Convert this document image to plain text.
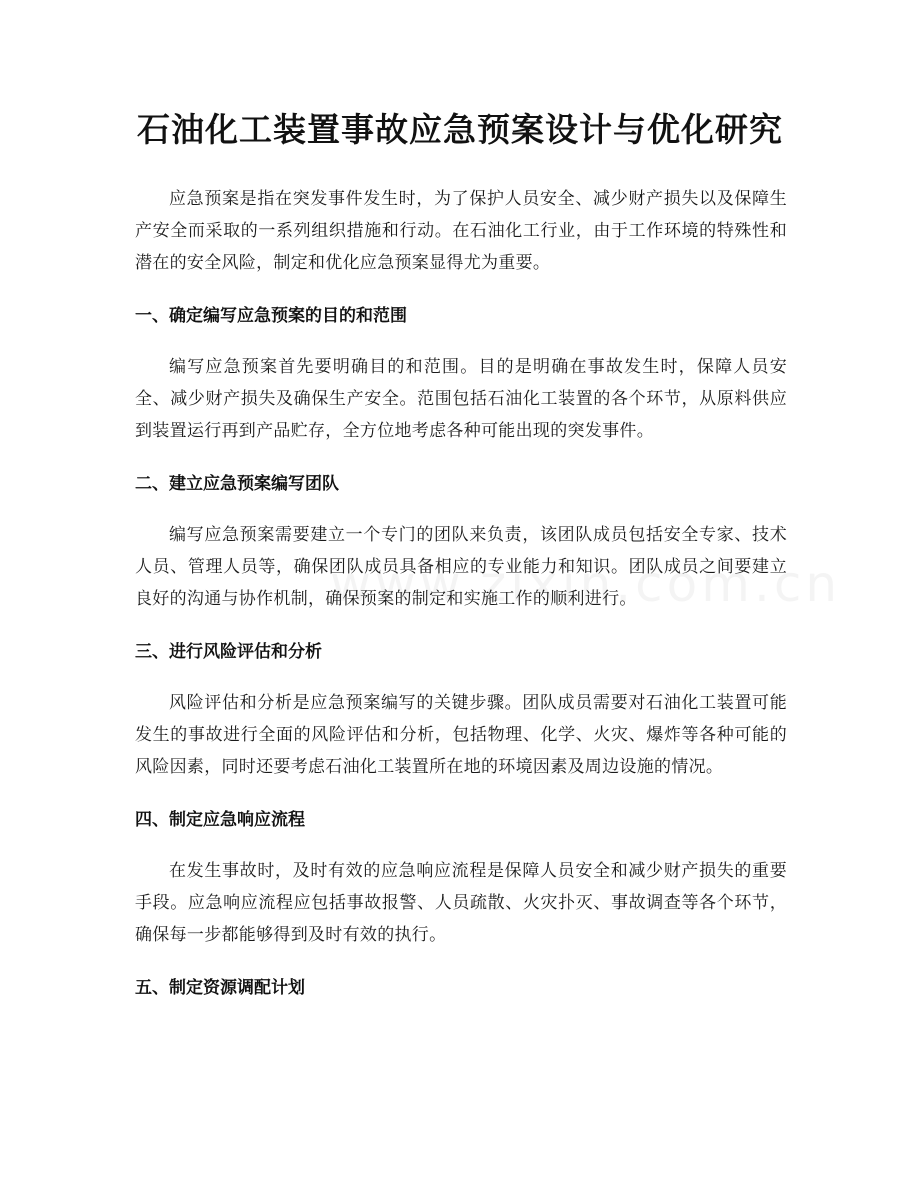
石油化工装置事故应急预案设计与优化研究

应急预案是指在突发事件发生时，为了保护人员安全、减少财产损失以及保障生产安全而采取的一系列组织措施和行动。在石油化工行业，由于工作环境的特殊性和潜在的安全风险，制定和优化应急预案显得尤为重要。

一、确定编写应急预案的目的和范围

编写应急预案首先要明确目的和范围。目的是明确在事故发生时，保障人员安全、减少财产损失及确保生产安全。范围包括石油化工装置的各个环节，从原料供应到装置运行再到产品贮存，全方位地考虑各种可能出现的突发事件。

二、建立应急预案编写团队

编写应急预案需要建立一个专门的团队来负责，该团队成员包括安全专家、技术人员、管理人员等，确保团队成员具备相应的专业能力和知识。团队成员之间要建立良好的沟通与协作机制，确保预案的制定和实施工作的顺利进行。

三、进行风险评估和分析

风险评估和分析是应急预案编写的关键步骤。团队成员需要对石油化工装置可能发生的事故进行全面的风险评估和分析，包括物理、化学、火灾、爆炸等各种可能的风险因素，同时还要考虑石油化工装置所在地的环境因素及周边设施的情况。

四、制定应急响应流程

在发生事故时，及时有效的应急响应流程是保障人员安全和减少财产损失的重要手段。应急响应流程应包括事故报警、人员疏散、火灾扑灭、事故调查等各个环节，确保每一步都能够得到及时有效的执行。

五、制定资源调配计划
